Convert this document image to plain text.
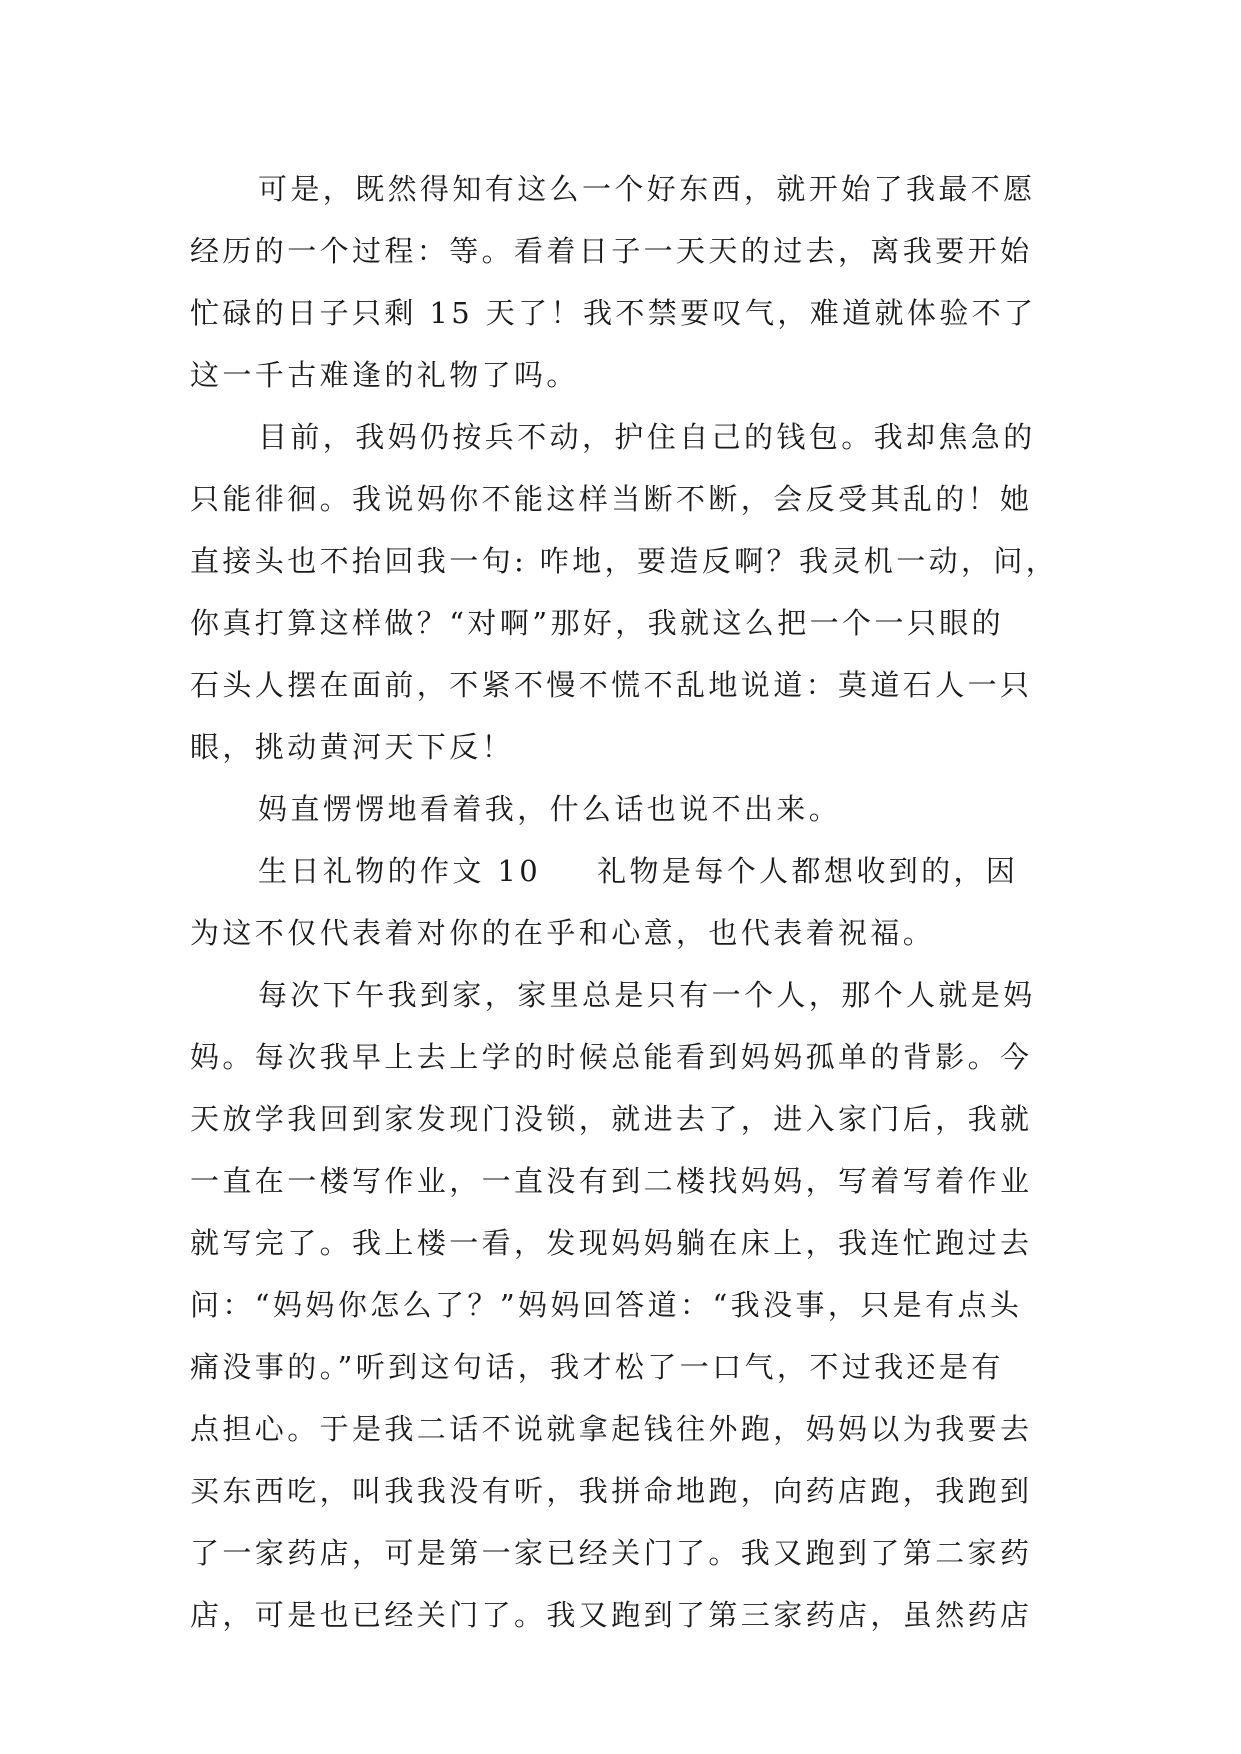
可是，既然得知有这么一个好东西，就开始了我最不愿
经历的一个过程：等。看着日子一天天的过去，离我要开始
忙碌的日子只剩 15 天了！我不禁要叹气，难道就体验不了
这一千古难逢的礼物了吗。
目前，我妈仍按兵不动，护住自己的钱包。我却焦急的
只能徘徊。我说妈你不能这样当断不断，会反受其乱的！她
直接头也不抬回我一句: 咋地，要造反啊？我灵机一动，问，
你真打算这样做？“对啊”那好，我就这么把一个一只眼的
石头人摆在面前，不紧不慢不慌不乱地说道：莫道石人一只
眼，挑动黄河天下反！
妈直愣愣地看着我，什么话也说不出来。
生日礼物的作文 10 礼物是每个人都想收到的，因
为这不仅代表着对你的在乎和心意，也代表着祝福。
每次下午我到家，家里总是只有一个人，那个人就是妈
妈。每次我早上去上学的时候总能看到妈妈孤单的背影。今
天放学我回到家发现门没锁，就进去了，进入家门后，我就
一直在一楼写作业，一直没有到二楼找妈妈，写着写着作业
就写完了。我上楼一看，发现妈妈躺在床上，我连忙跑过去
问：“妈妈你怎么了？”妈妈回答道：“我没事，只是有点头
痛没事的。”听到这句话，我才松了一口气，不过我还是有
点担心。于是我二话不说就拿起钱往外跑，妈妈以为我要去
买东西吃，叫我我没有听，我拼命地跑，向药店跑，我跑到
了一家药店，可是第一家已经关门了。我又跑到了第二家药
店，可是也已经关门了。我又跑到了第三家药店，虽然药店
